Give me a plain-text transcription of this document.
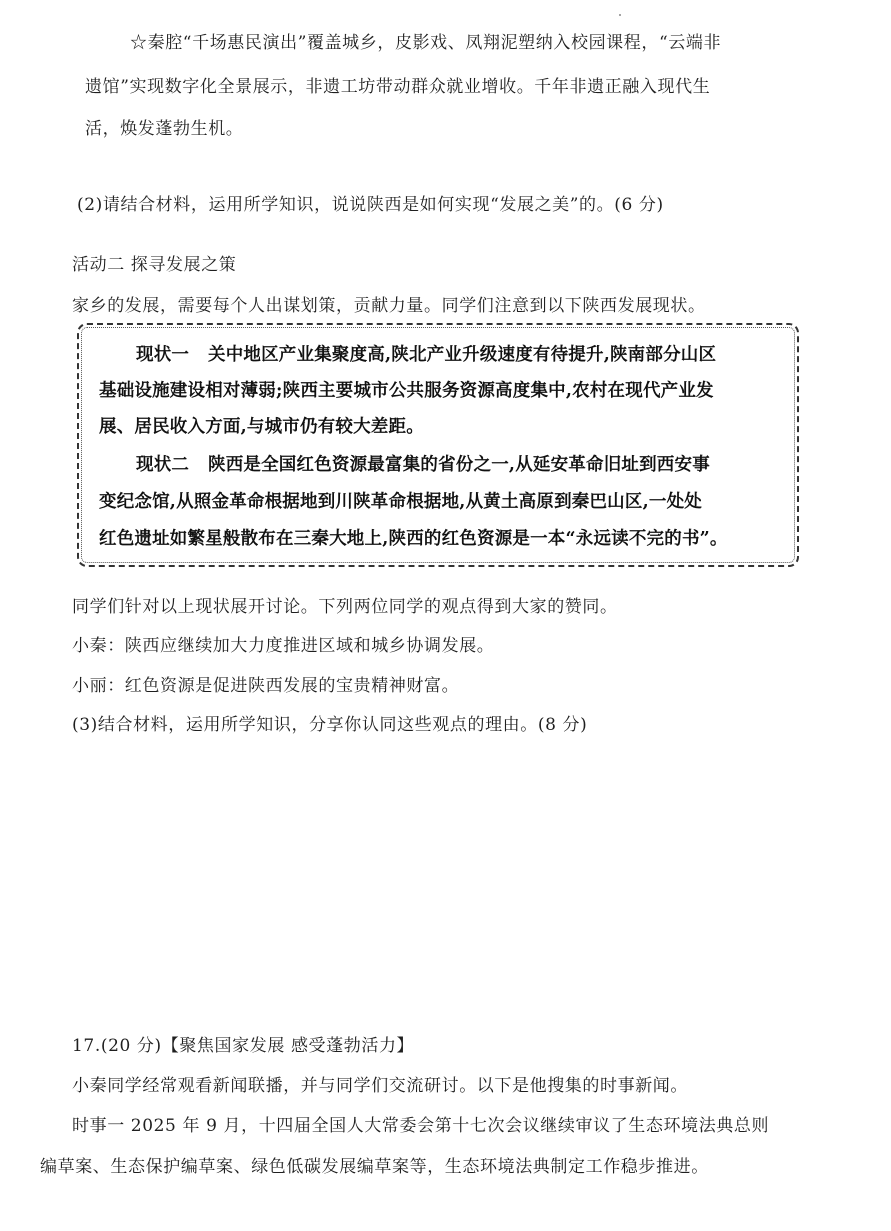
☆秦腔“千场惠民演出”覆盖城乡，皮影戏、凤翔泥塑纳入校园课程，“云端非
遗馆”实现数字化全景展示，非遗工坊带动群众就业增收。千年非遗正融入现代生
活，焕发蓬勃生机。
(2)请结合材料，运用所学知识，说说陕西是如何实现“发展之美”的。(6 分)
活动二 探寻发展之策
家乡的发展，需要每个人出谋划策，贡献力量。同学们注意到以下陕西发展现状。
现状一 关中地区产业集聚度高,陕北产业升级速度有待提升,陕南部分山区
基础设施建设相对薄弱;陕西主要城市公共服务资源高度集中,农村在现代产业发
展、居民收入方面,与城市仍有较大差距。
现状二 陕西是全国红色资源最富集的省份之一,从延安革命旧址到西安事
变纪念馆,从照金革命根据地到川陕革命根据地,从黄土高原到秦巴山区,一处处
红色遗址如繁星般散布在三秦大地上,陕西的红色资源是一本“永远读不完的书”。
同学们针对以上现状展开讨论。下列两位同学的观点得到大家的赞同。
小秦：陕西应继续加大力度推进区域和城乡协调发展。
小丽：红色资源是促进陕西发展的宝贵精神财富。
(3)结合材料，运用所学知识，分享你认同这些观点的理由。(8 分)
17.(20 分)【聚焦国家发展 感受蓬勃活力】
小秦同学经常观看新闻联播，并与同学们交流研讨。以下是他搜集的时事新闻。
时事一 2025 年 9 月，十四届全国人大常委会第十七次会议继续审议了生态环境法典总则
编草案、生态保护编草案、绿色低碳发展编草案等，生态环境法典制定工作稳步推进。
